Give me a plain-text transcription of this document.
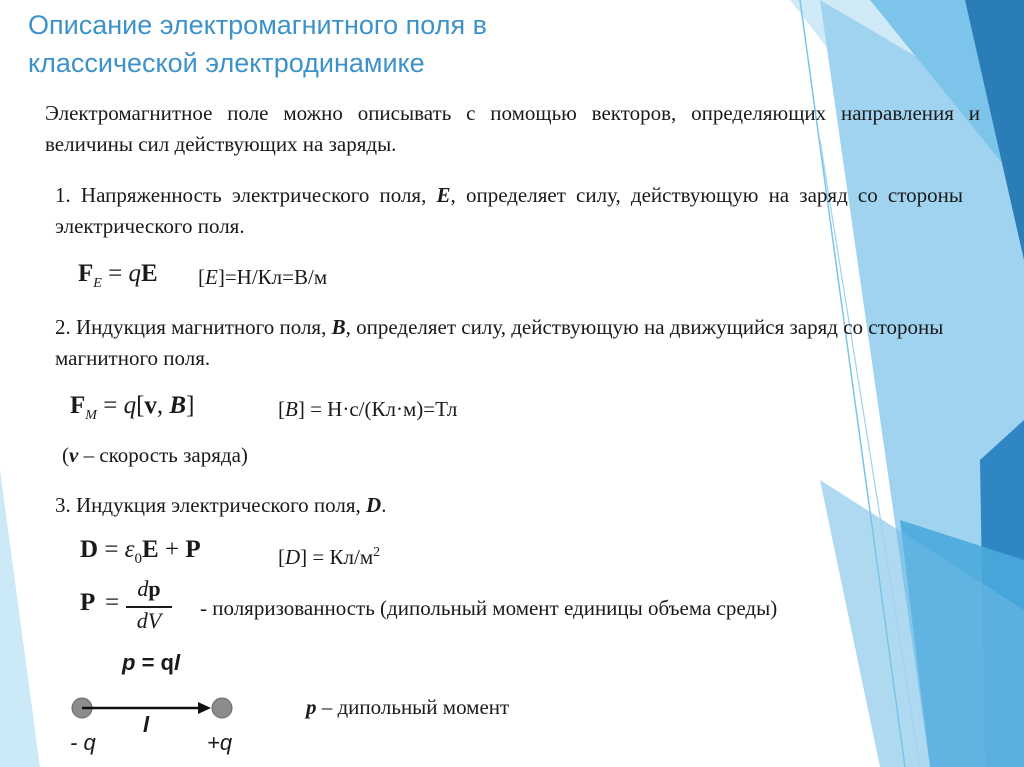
Описание электромагнитного поля в
классической электродинамике
Электромагнитное поле можно описывать с помощью векторов, определяющих направления и величины сил действующих на заряды.
1. Напряженность электрического поля, E, определяет силу, действующую на заряд со стороны электрического поля.
$F_E$ = qE [E]=Н/Кл=В/м
2. Индукция магнитного поля, B, определяет силу, действующую на движущийся заряд со стороны магнитного поля.
$F_M = q[v$, B]	[B] = Н·с/(Кл·м)=Тл
(v – скорость заряда)
3. Индукция электрического поля, D.
$D = \varepsilon_0E + P$	$[D] = Кл/м^2$
P =
dp
dV	- поляризованность (дипольный момент единицы объема среды)
p = ql
l
- q	+q
p – дипольный момент
